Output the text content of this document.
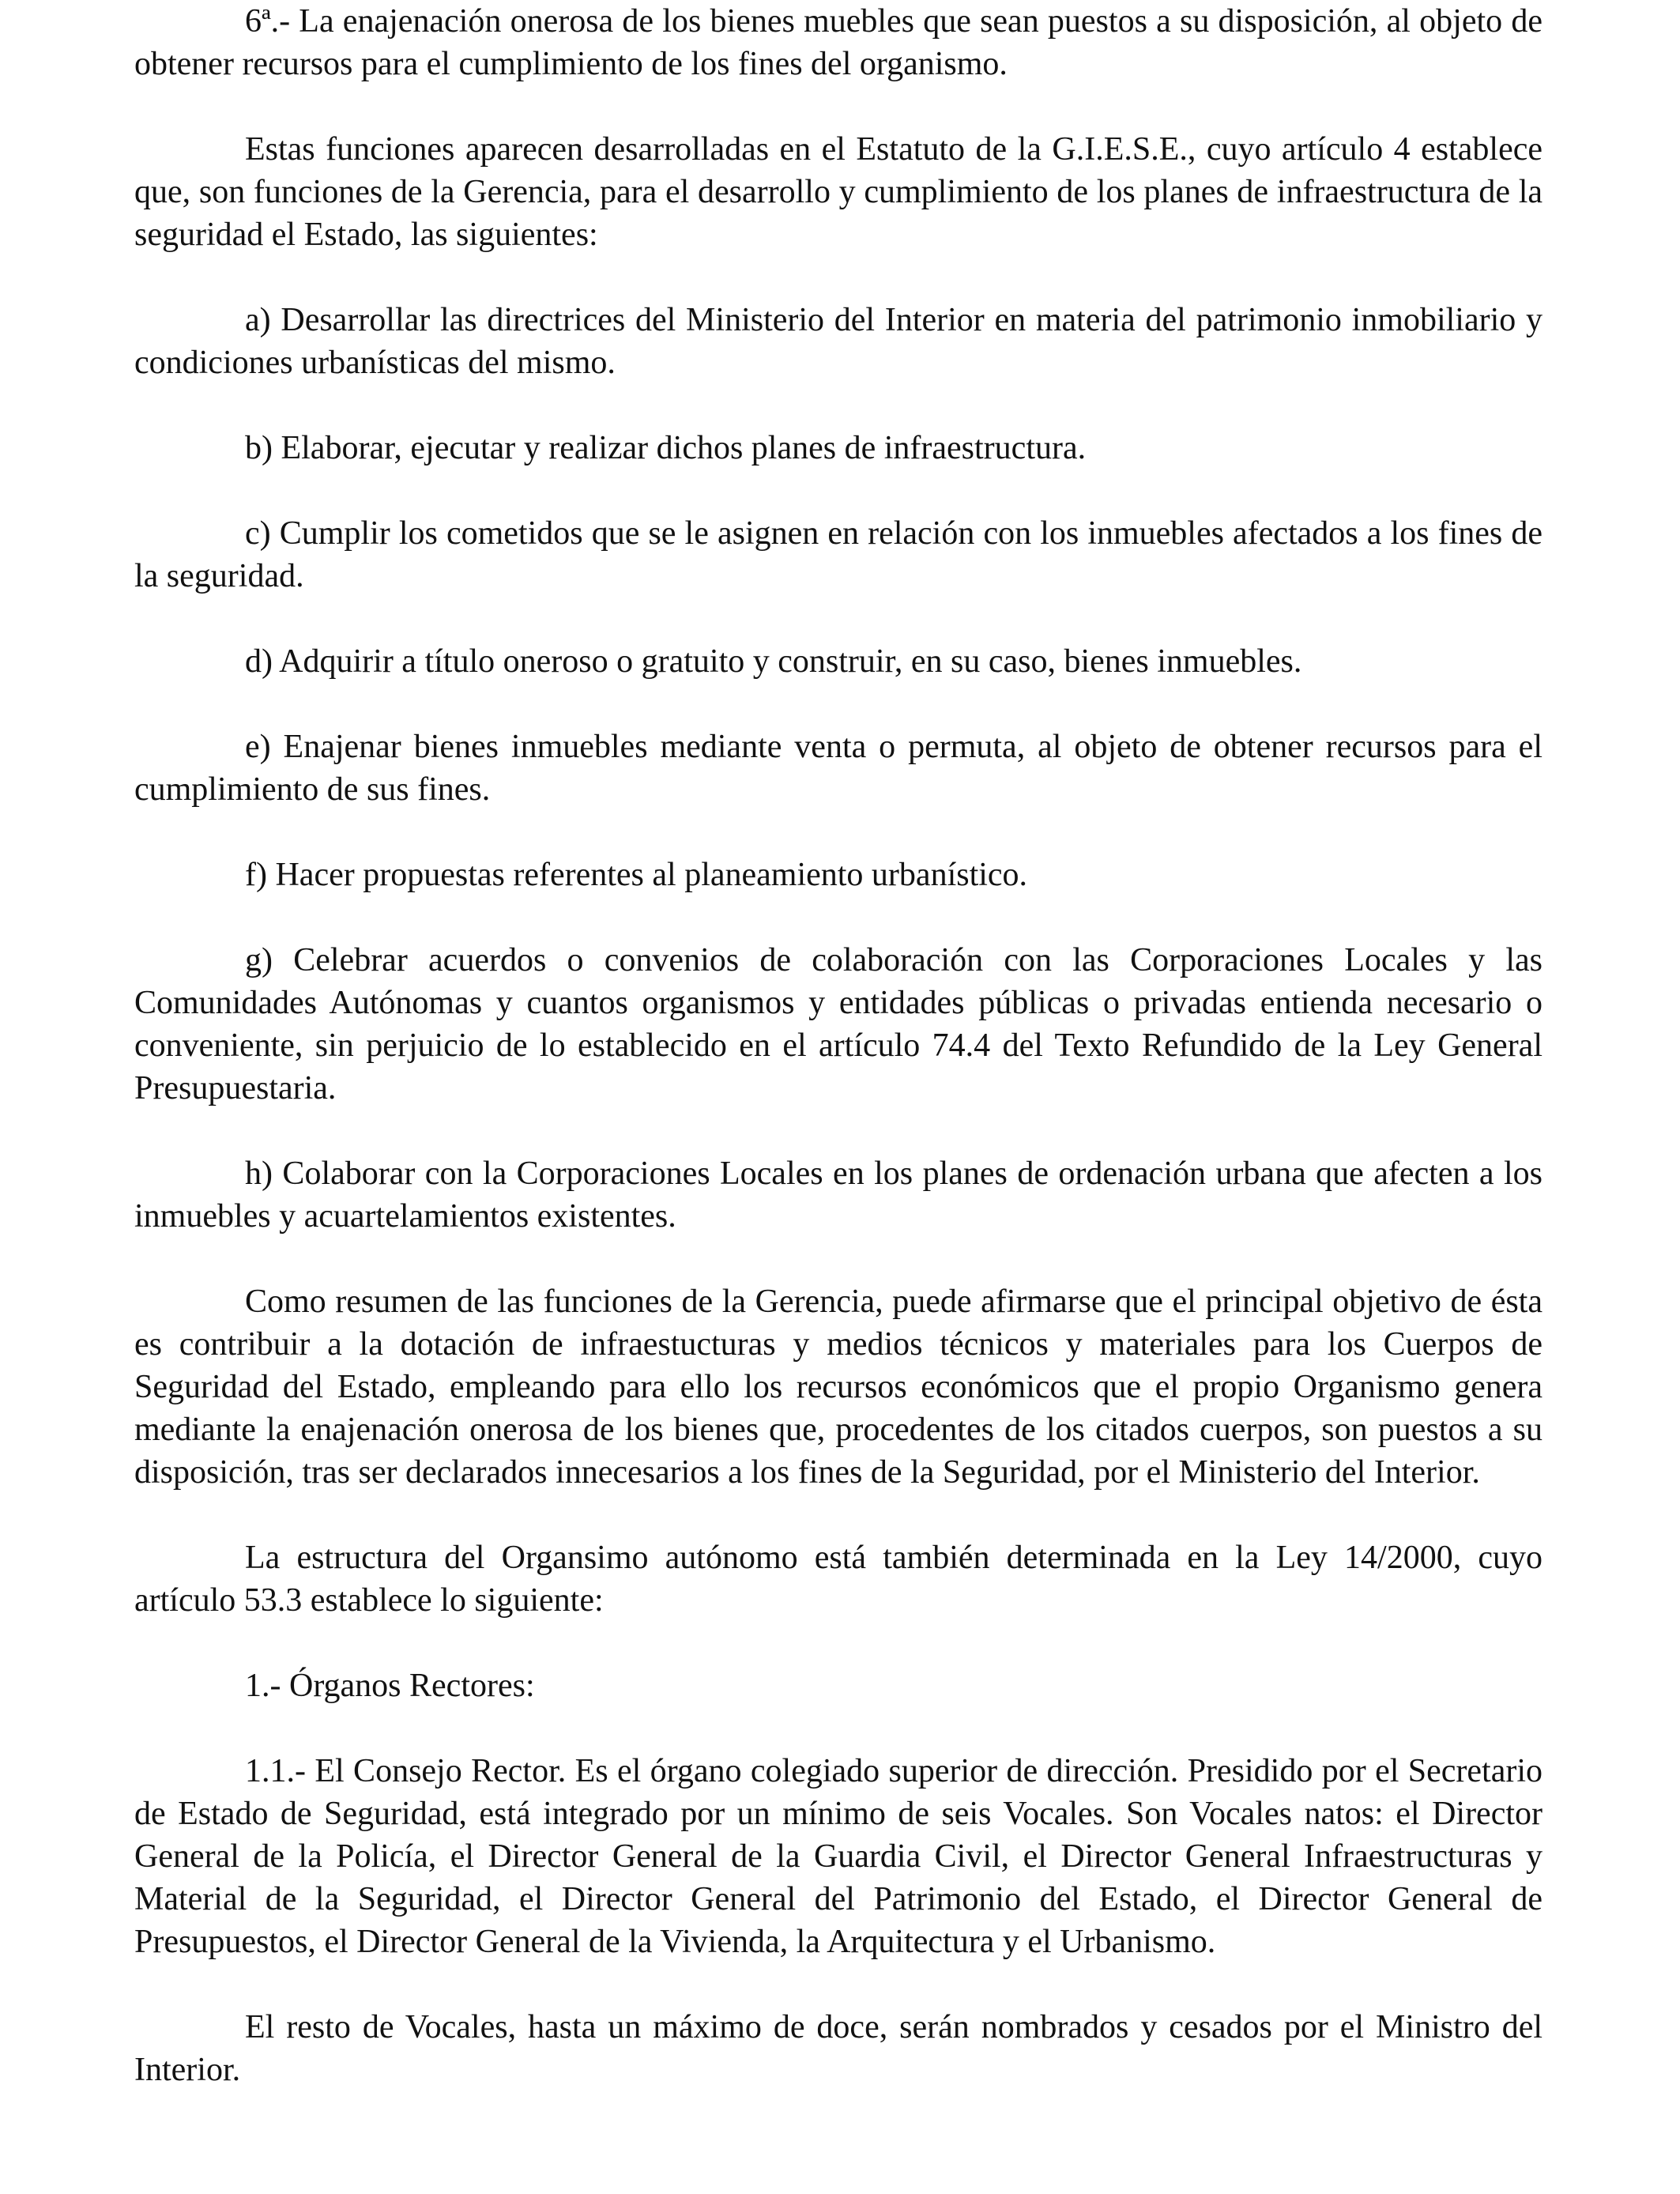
6ª.- La enajenación onerosa de los bienes muebles que sean puestos a su disposición, al objeto de obtener recursos para el cumplimiento de los fines del organismo.

Estas funciones aparecen desarrolladas en el Estatuto de la G.I.E.S.E., cuyo artículo 4 establece que, son funciones de la Gerencia, para el desarrollo y cumplimiento de los planes de infraestructura de la seguridad el Estado, las siguientes:

a) Desarrollar las directrices del Ministerio del Interior en materia del patrimonio inmobiliario y condiciones urbanísticas del mismo.

b) Elaborar, ejecutar y realizar dichos planes de infraestructura.

c) Cumplir los cometidos que se le asignen en relación con los inmuebles afectados a los fines de la seguridad.

d) Adquirir a título oneroso o gratuito y construir, en su caso, bienes inmuebles.

e) Enajenar bienes inmuebles mediante venta o permuta, al objeto de obtener recursos para el cumplimiento de sus fines.

f) Hacer propuestas referentes al planeamiento urbanístico.

g) Celebrar acuerdos o convenios de colaboración con las Corporaciones Locales y las Comunidades Autónomas y cuantos organismos y entidades públicas o privadas entienda necesario o conveniente, sin perjuicio de lo establecido en el artículo 74.4 del Texto Refundido de la Ley General Presupuestaria.

h) Colaborar con la Corporaciones Locales en los planes de ordenación urbana que afecten a los inmuebles y acuartelamientos existentes.

Como resumen de las funciones de la Gerencia, puede afirmarse que el principal objetivo de ésta es contribuir a la dotación de infraestucturas y medios técnicos y materiales para los Cuerpos de Seguridad del Estado, empleando para ello los recursos económicos que el propio Organismo genera mediante la enajenación onerosa de los bienes que, procedentes de los citados cuerpos, son puestos a su disposición, tras ser declarados innecesarios a los fines de la Seguridad, por el Ministerio del Interior.

La estructura del Organsimo autónomo está también determinada en la Ley 14/2000, cuyo artículo 53.3 establece lo siguiente:

1.- Órganos Rectores:

1.1.- El Consejo Rector. Es el órgano colegiado superior de dirección. Presidido por el Secretario de Estado de Seguridad, está integrado por un mínimo de seis Vocales. Son Vocales natos: el Director General de la Policía, el Director General de la Guardia Civil, el Director General Infraestructuras y Material de la Seguridad, el Director General del Patrimonio del Estado, el Director General de Presupuestos, el Director General de la Vivienda, la Arquitectura y el Urbanismo.

El resto de Vocales, hasta un máximo de doce, serán nombrados y cesados por el Ministro del Interior.
